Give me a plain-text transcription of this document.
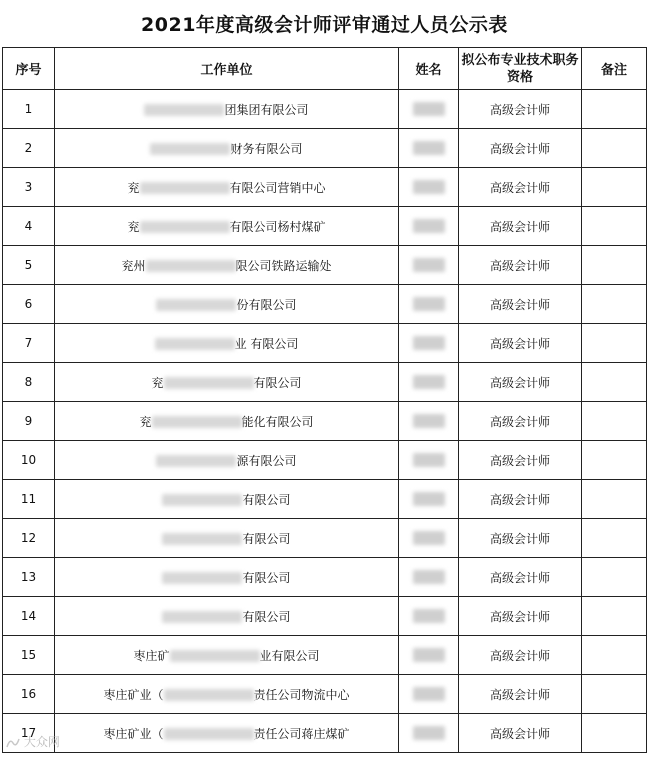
2021年度高级会计师评审通过人员公示表
序号	工作单位	姓名	拟公布专业技术职务资格	备注
1	团集团有限公司		高级会计师	
2	财务有限公司		高级会计师	
3	兖 有限公司营销中心		高级会计师	
4	兖 有限公司杨村煤矿		高级会计师	
5	兖州 限公司铁路运输处		高级会计师	
6	份有限公司		高级会计师	
7	业 有限公司		高级会计师	
8	兖 有限公司		高级会计师	
9	兖 能化有限公司		高级会计师	
10	源有限公司		高级会计师	
11	有限公司		高级会计师	
12	有限公司		高级会计师	
13	有限公司		高级会计师	
14	有限公司		高级会计师	
15	枣庄矿 业有限公司		高级会计师	
16	枣庄矿业（ 责任公司物流中心		高级会计师	
17	枣庄矿业（ 责任公司蒋庄煤矿		高级会计师	
大众网
